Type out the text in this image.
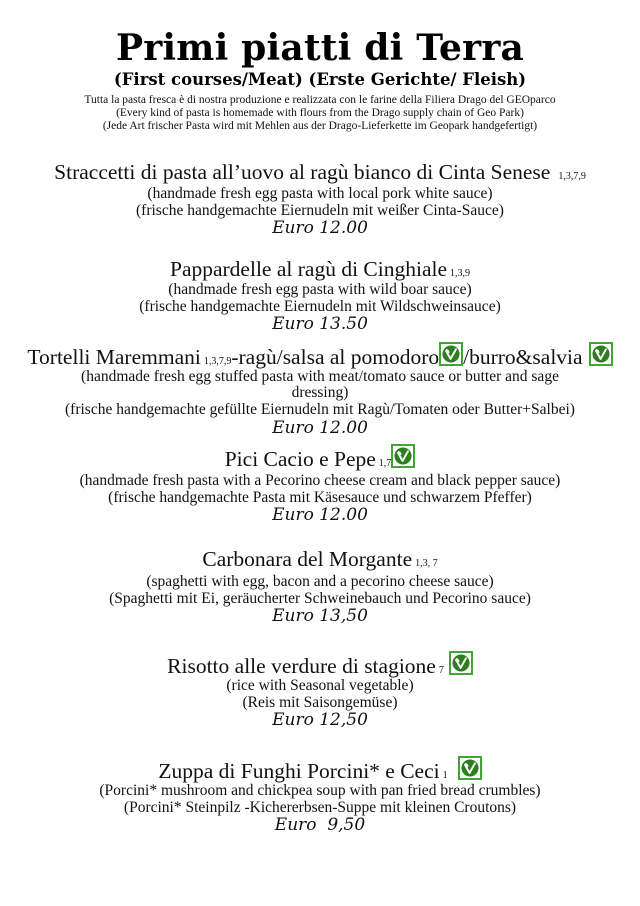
Primi piatti di Terra
(First courses/Meat) (Erste Gerichte/ Fleish)
Tutta la pasta fresca è di nostra produzione e realizzata con le farine della Filiera Drago del GEOparco
(Every kind of pasta is homemade with flours from the Drago supply chain of Geo Park)
(Jede Art frischer Pasta wird mit Mehlen aus der Drago-Lieferkette im Geopark handgefertigt)
Straccetti di pasta all’uovo al ragù bianco di Cinta Senese 1,3,7,9
(handmade fresh egg pasta with local pork white sauce)
(frische handgemachte Eiernudeln mit weißer Cinta-Sauce)
Euro 12.00
Pappardelle al ragù di Cinghiale 1,3,9
(handmade fresh egg pasta with wild boar sauce)
(frische handgemachte Eiernudeln mit Wildschweinsauce)
Euro 13.50
Tortelli Maremmani 1,3,7,9-ragù/salsa al pomodoro /burro&salvia
(handmade fresh egg stuffed pasta with meat/tomato sauce or butter and sage
dressing)
(frische handgemachte gefüllte Eiernudeln mit Ragù/Tomaten oder Butter+Salbei)
Euro 12.00
Pici Cacio e Pepe 1,7
(handmade fresh pasta with a Pecorino cheese cream and black pepper sauce)
(frische handgemachte Pasta mit Käsesauce und schwarzem Pfeffer)
Euro 12.00
Carbonara del Morgante 1,3, 7
(spaghetti with egg, bacon and a pecorino cheese sauce)
(Spaghetti mit Ei, geräucherter Schweinebauch und Pecorino sauce)
Euro 13,50
Risotto alle verdure di stagione 7
(rice with Seasonal vegetable)
(Reis mit Saisongemüse)
Euro 12,50
Zuppa di Funghi Porcini* e Ceci 1
(Porcini* mushroom and chickpea soup with pan fried bread crumbles)
(Porcini* Steinpilz -Kichererbsen-Suppe mit kleinen Croutons)
Euro  9,50
